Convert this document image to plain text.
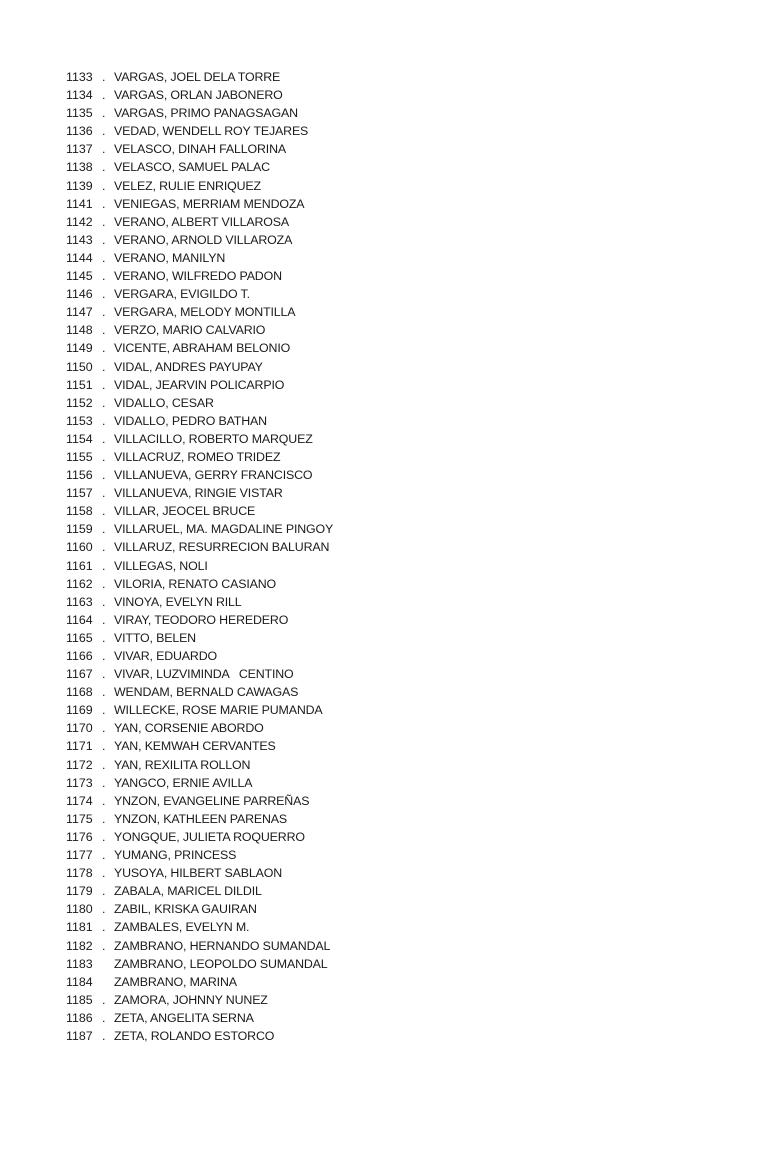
1133 . VARGAS, JOEL DELA TORRE
1134 . VARGAS, ORLAN JABONERO
1135 . VARGAS, PRIMO PANAGSAGAN
1136 . VEDAD, WENDELL ROY TEJARES
1137 . VELASCO, DINAH FALLORINA
1138 . VELASCO, SAMUEL PALAC
1139 . VELEZ, RULIE ENRIQUEZ
1141 . VENIEGAS, MERRIAM MENDOZA
1142 . VERANO, ALBERT VILLAROSA
1143 . VERANO, ARNOLD VILLAROZA
1144 . VERANO, MANILYN
1145 . VERANO, WILFREDO PADON
1146 . VERGARA, EVIGILDO T.
1147 . VERGARA, MELODY MONTILLA
1148 . VERZO, MARIO CALVARIO
1149 . VICENTE, ABRAHAM BELONIO
1150 . VIDAL, ANDRES PAYUPAY
1151 . VIDAL, JEARVIN POLICARPIO
1152 . VIDALLO, CESAR
1153 . VIDALLO, PEDRO BATHAN
1154 . VILLACILLO, ROBERTO MARQUEZ
1155 . VILLACRUZ, ROMEO TRIDEZ
1156 . VILLANUEVA, GERRY FRANCISCO
1157 . VILLANUEVA, RINGIE VISTAR
1158 . VILLAR, JEOCEL BRUCE
1159 . VILLARUEL, MA. MAGDALINE PINGOY
1160 . VILLARUZ, RESURRECION BALURAN
1161 . VILLEGAS, NOLI
1162 . VILORIA, RENATO CASIANO
1163 . VINOYA, EVELYN RILL
1164 . VIRAY, TEODORO HEREDERO
1165 . VITTO, BELEN
1166 . VIVAR, EDUARDO
1167 . VIVAR, LUZVIMINDA   CENTINO
1168 . WENDAM, BERNALD CAWAGAS
1169 . WILLECKE, ROSE MARIE PUMANDA
1170 . YAN, CORSENIE ABORDO
1171 . YAN, KEMWAH CERVANTES
1172 . YAN, REXILITA ROLLON
1173 . YANGCO, ERNIE AVILLA
1174 . YNZON, EVANGELINE PARREÑAS
1175 . YNZON, KATHLEEN PARENAS
1176 . YONGQUE, JULIETA ROQUERRO
1177 . YUMANG, PRINCESS
1178 . YUSOYA, HILBERT SABLAON
1179 . ZABALA, MARICEL DILDIL
1180 . ZABIL, KRISKA GAUIRAN
1181 . ZAMBALES, EVELYN M.
1182 . ZAMBRANO, HERNANDO SUMANDAL
1183 ZAMBRANO, LEOPOLDO SUMANDAL
1184 ZAMBRANO, MARINA
1185 . ZAMORA, JOHNNY NUNEZ
1186 . ZETA, ANGELITA SERNA
1187 . ZETA, ROLANDO ESTORCO
